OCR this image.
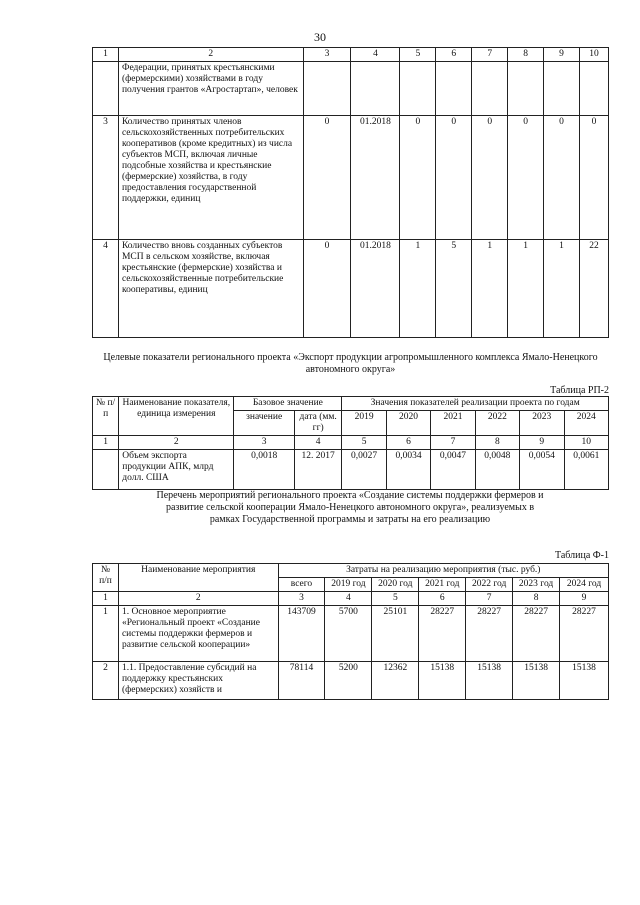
30
1	2	3	4	5	6	7	8	9	10
	Федерации, принятых крестьянскими (фермерскими) хозяйствами в году получения грантов «Агростартап», человек								
3	Количество принятых членов сельскохозяйственных потребительских кооперативов (кроме кредитных) из числа субъектов МСП, включая личные подсобные хозяйства и крестьянские (фермерские) хозяйства, в году предоставления государственной поддержки, единиц	0	01.2018	0	0	0	0	0	0
4	Количество вновь созданных субъектов МСП в сельском хозяйстве, включая крестьянские (фермерские) хозяйства и сельскохозяйственные потребительские кооперативы, единиц	0	01.2018	1	5	1	1	1	22
Целевые показатели регионального проекта «Экспорт продукции агропромышленного комплекса Ямало-Ненецкого автономного округа»
Таблица РП-2
№ п/п	Наименование показателя, единица измерения	Базовое значение		Значения показателей реализации проекта по годам					
		значение	дата (мм. гг)	2019	2020	2021	2022	2023	2024
1	2	3	4	5	6	7	8	9	10
	Объем экспорта продукции АПК, млрд долл. США	0,0018	12. 2017	0,0027	0,0034	0,0047	0,0048	0,0054	0,0061
Перечень мероприятий регионального проекта «Создание системы поддержки фермеров и развитие сельской кооперации Ямало-Ненецкого автономного округа», реализуемых в рамках Государственной программы и затраты на его реализацию
Таблица Ф-1
№ п/п	Наименование мероприятия	Затраты на реализацию мероприятия (тыс. руб.)						
		всего	2019 год	2020 год	2021 год	2022 год	2023 год	2024 год
1	2	3	4	5	6	7	8	9
1	1. Основное мероприятие «Региональный проект «Создание системы поддержки фермеров и развитие сельской кооперации»	143709	5700	25101	28227	28227	28227	28227
2	1.1. Предоставление субсидий на поддержку крестьянских (фермерских) хозяйств и	78114	5200	12362	15138	15138	15138	15138
